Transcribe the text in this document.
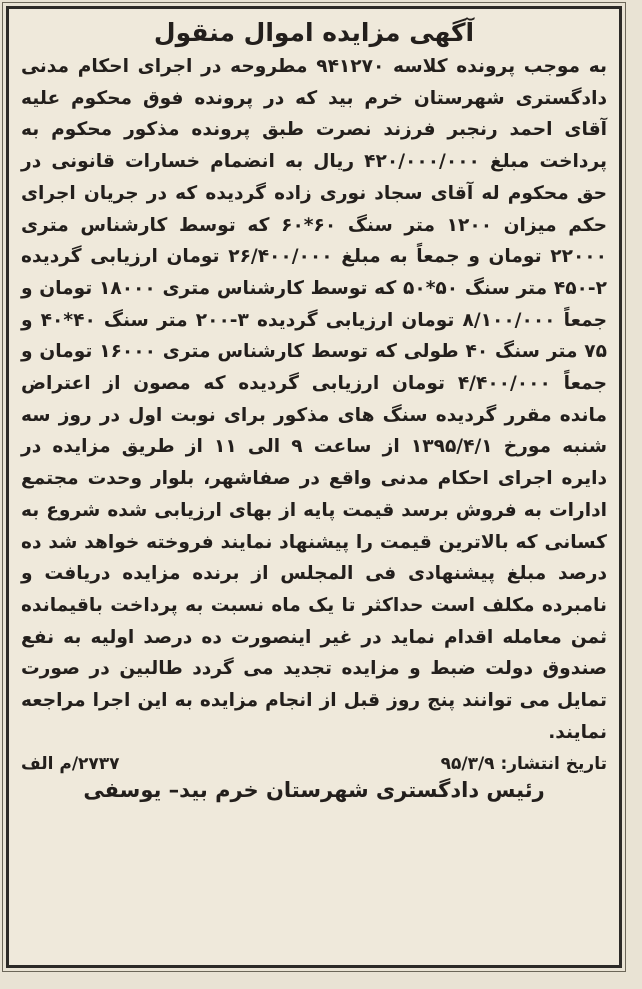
آگهی مزایده اموال منقول

به موجب پرونده کلاسه ۹۴۱۲۷۰ مطروحه در اجرای احکام مدنی دادگستری شهرستان خرم بید که در پرونده فوق محکوم علیه آقای احمد رنجبر فرزند نصرت طبق پرونده مذکور محکوم به پرداخت مبلغ ۴۲۰/۰۰۰/۰۰۰ ریال به انضمام خسارات قانونی در حق محکوم له آقای سجاد نوری زاده گردیده که در جریان اجرای حکم میزان ۱۲۰۰ متر سنگ ۶۰*۶۰ که توسط کارشناس متری ۲۲۰۰۰ تومان و جمعاً به مبلغ ۲۶/۴۰۰/۰۰۰ تومان ارزیابی گردیده ۲-۴۵۰ متر سنگ ۵۰*۵۰ که توسط کارشناس متری ۱۸۰۰۰ تومان و جمعاً ۸/۱۰۰/۰۰۰ تومان ارزیابی گردیده ۳-۲۰۰ متر سنگ ۴۰*۴۰ و ۷۵ متر سنگ ۴۰ طولی که توسط کارشناس متری ۱۶۰۰۰ تومان و جمعاً ۴/۴۰۰/۰۰۰ تومان ارزیابی گردیده که مصون از اعتراض مانده مقرر گردیده سنگ های مذکور برای نوبت اول در روز سه شنبه مورخ ۱۳۹۵/۴/۱ از ساعت ۹ الی ۱۱ از طریق مزایده در دایره اجرای احکام مدنی واقع در صفاشهر، بلوار وحدت مجتمع ادارات به فروش برسد قیمت پایه از بهای ارزیابی شده شروع به کسانی که بالاترین قیمت را پیشنهاد نمایند فروخته خواهد شد ده درصد مبلغ پیشنهادی فی المجلس از برنده مزایده دریافت و نامبرده مکلف است حداکثر تا یک ماه نسبت به پرداخت باقیمانده ثمن معامله اقدام نماید در غیر اینصورت ده درصد اولیه به نفع صندوق دولت ضبط و مزایده تجدید می گردد طالبین در صورت تمایل می توانند پنج روز قبل از انجام مزایده به این اجرا مراجعه نمایند.

تاریخ انتشار: ۹۵/۳/۹
۲۷۳۷/م الف
رئیس دادگستری شهرستان خرم بید– یوسفی
